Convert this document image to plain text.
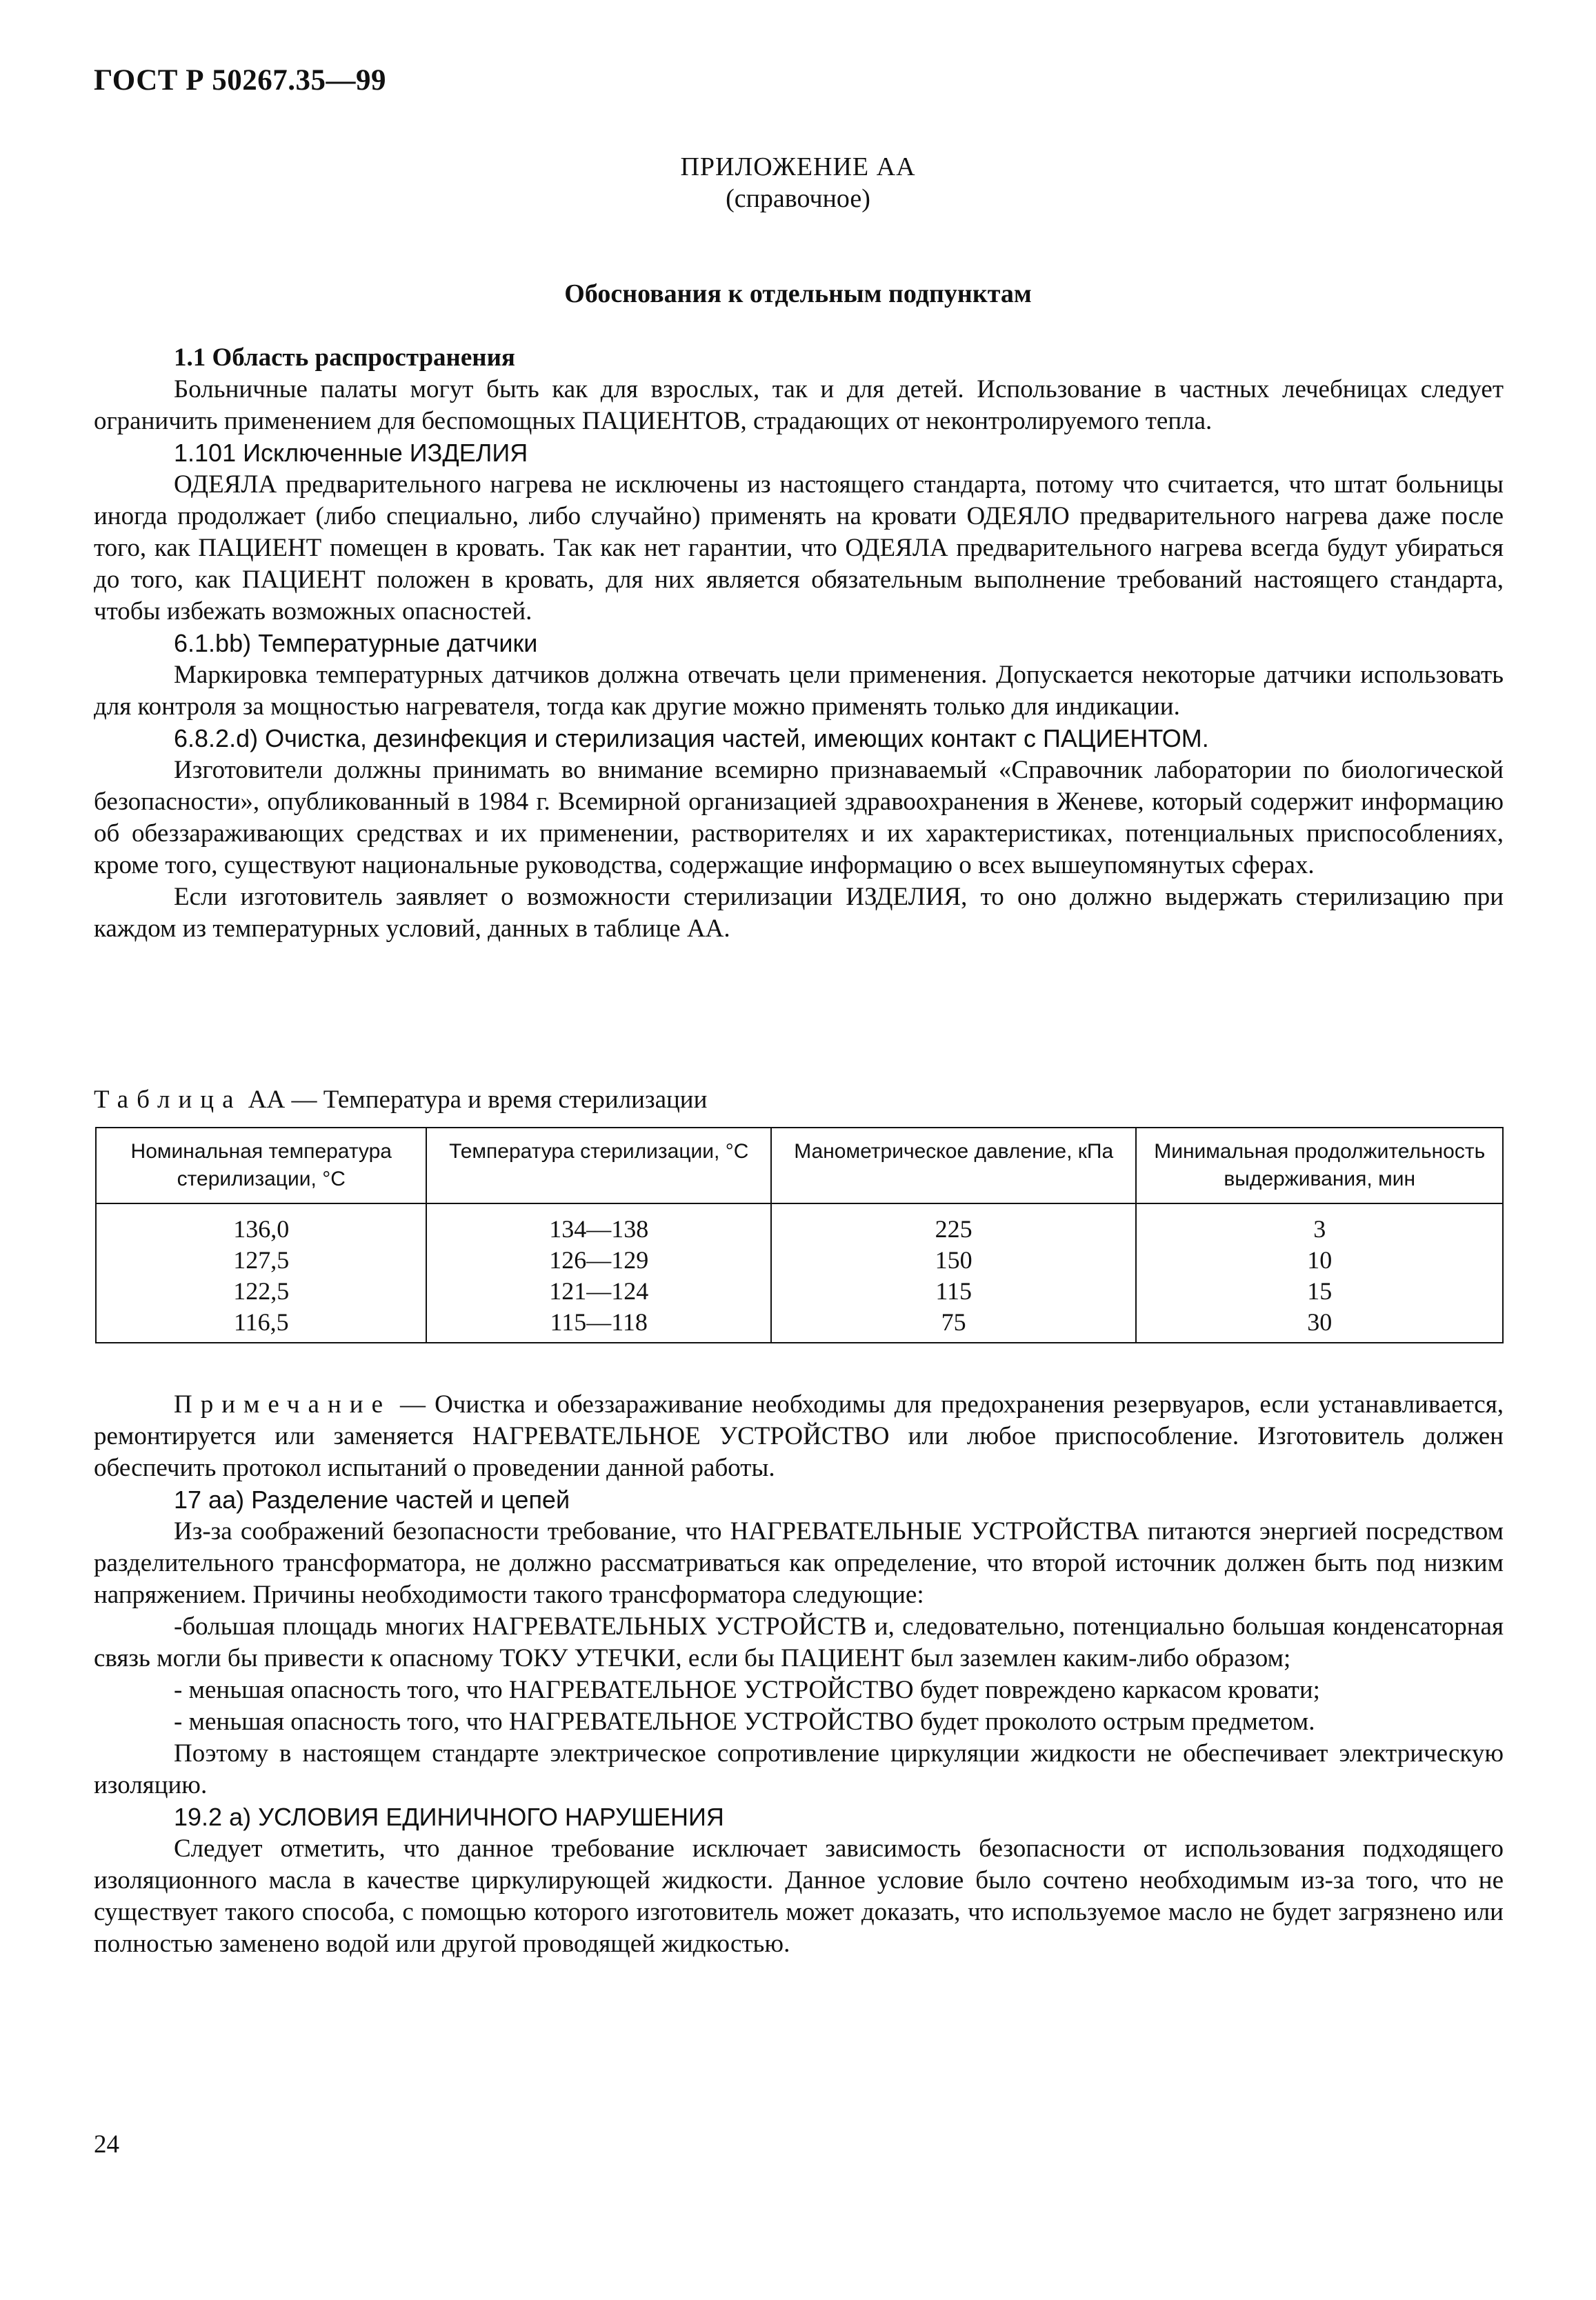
ГОСТ Р 50267.35—99
ПРИЛОЖЕНИЕ АА
(справочное)
Обоснования к отдельным подпунктам

1.1 Область распространения

Больничные палаты могут быть как для взрослых, так и для детей. Использование в частных лечебницах следует ограничить применением для беспомощных ПАЦИЕНТОВ, страдающих от неконтролируемого тепла.

1.101 Исключенные ИЗДЕЛИЯ

ОДЕЯЛА предварительного нагрева не исключены из настоящего стандарта, потому что считается, что штат больницы иногда продолжает (либо специально, либо случайно) применять на кровати ОДЕЯЛО предварительного нагрева даже после того, как ПАЦИЕНТ помещен в кровать. Так как нет гарантии, что ОДЕЯЛА предварительного нагрева всегда будут убираться до того, как ПАЦИЕНТ положен в кровать, для них является обязательным выполнение требований настоящего стандарта, чтобы избежать возможных опасностей.

6.1.bb) Температурные датчики

Маркировка температурных датчиков должна отвечать цели применения. Допускается некоторые датчики использовать для контроля за мощностью нагревателя, тогда как другие можно применять только для индикации.

6.8.2.d) Очистка, дезинфекция и стерилизация частей, имеющих контакт с ПАЦИЕНТОМ.

Изготовители должны принимать во внимание всемирно признаваемый «Справочник лаборатории по биологической безопасности», опубликованный в 1984 г. Всемирной организацией здравоохранения в Женеве, который содержит информацию об обеззараживающих средствах и их применении, растворителях и их характеристиках, потенциальных приспособлениях, кроме того, существуют национальные руководства, содержащие информацию о всех вышеупомянутых сферах.

Если изготовитель заявляет о возможности стерилизации ИЗДЕЛИЯ, то оно должно выдержать стерилизацию при каждом из температурных условий, данных в таблице АА.

Таблица АА — Температура и время стерилизации
Номинальная температура стерилизации, °С	Температура стерилизации, °С	Манометрическое давление, кПа	Минимальная продолжительность выдерживания, мин
136,0	134—138	225	3
127,5	126—129	150	10
122,5	121—124	115	15
116,5	115—118	75	30

Примечание — Очистка и обеззараживание необходимы для предохранения резервуаров, если устанавливается, ремонтируется или заменяется НАГРЕВАТЕЛЬНОЕ УСТРОЙСТВО или любое приспособление. Изготовитель должен обеспечить протокол испытаний о проведении данной работы.

17 аа) Разделение частей и цепей

Из-за соображений безопасности требование, что НАГРЕВАТЕЛЬНЫЕ УСТРОЙСТВА питаются энергией посредством разделительного трансформатора, не должно рассматриваться как определение, что второй источник должен быть под низким напряжением. Причины необходимости такого трансформатора следующие:

-большая площадь многих НАГРЕВАТЕЛЬНЫХ УСТРОЙСТВ и, следовательно, потенциально большая конденсаторная связь могли бы привести к опасному ТОКУ УТЕЧКИ, если бы ПАЦИЕНТ был заземлен каким-либо образом;

- меньшая опасность того, что НАГРЕВАТЕЛЬНОЕ УСТРОЙСТВО будет повреждено каркасом кровати;

- меньшая опасность того, что НАГРЕВАТЕЛЬНОЕ УСТРОЙСТВО будет проколото острым предметом.

Поэтому в настоящем стандарте электрическое сопротивление циркуляции жидкости не обеспечивает электрическую изоляцию.

19.2 а) УСЛОВИЯ ЕДИНИЧНОГО НАРУШЕНИЯ

Следует отметить, что данное требование исключает зависимость безопасности от использования подходящего изоляционного масла в качестве циркулирующей жидкости. Данное условие было сочтено необходимым из-за того, что не существует такого способа, с помощью которого изготовитель может доказать, что используемое масло не будет загрязнено или полностью заменено водой или другой проводящей жидкостью.

24
